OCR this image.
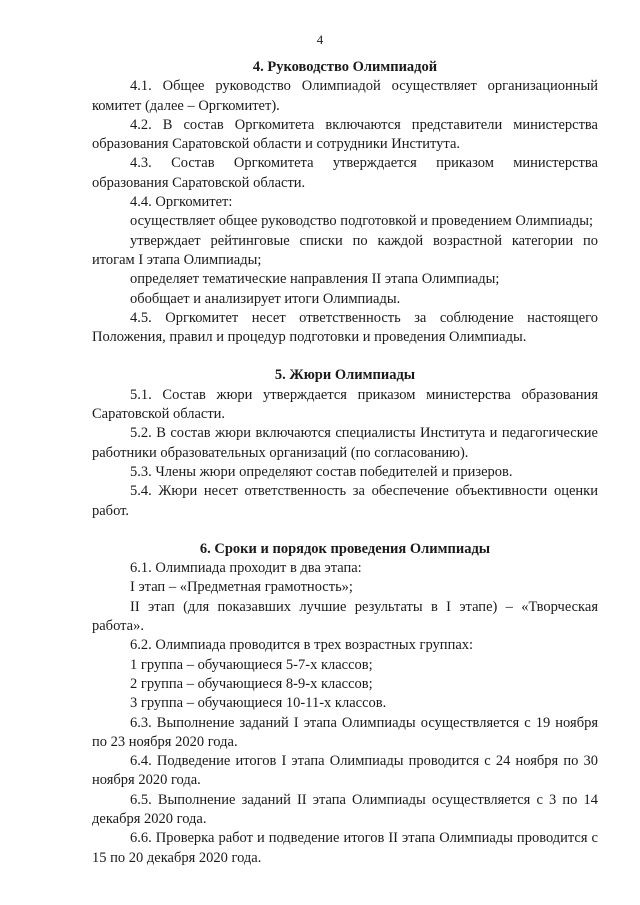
4

4. Руководство Олимпиадой

4.1. Общее руководство Олимпиадой осуществляет организационный комитет (далее – Оргкомитет).

4.2. В состав Оргкомитета включаются представители министерства образования Саратовской области и сотрудники Института.

4.3. Состав Оргкомитета утверждается приказом министерства образования Саратовской области.

4.4. Оргкомитет:

осуществляет общее руководство подготовкой и проведением Олимпиады;

утверждает рейтинговые списки по каждой возрастной категории по итогам I этапа Олимпиады;

определяет тематические направления II этапа Олимпиады;

обобщает и анализирует итоги Олимпиады.

4.5. Оргкомитет несет ответственность за соблюдение настоящего Положения, правил и процедур подготовки и проведения Олимпиады.

5. Жюри Олимпиады

5.1. Состав жюри утверждается приказом министерства образования Саратовской области.

5.2. В состав жюри включаются специалисты Института и педагогические работники образовательных организаций (по согласованию).

5.3. Члены жюри определяют состав победителей и призеров.

5.4. Жюри несет ответственность за обеспечение объективности оценки работ.

6. Сроки и порядок проведения Олимпиады

6.1. Олимпиада проходит в два этапа:

I этап – «Предметная грамотность»;

II этап (для показавших лучшие результаты в I этапе) – «Творческая работа».

6.2. Олимпиада проводится в трех возрастных группах:

1 группа – обучающиеся 5-7-х классов;

2 группа – обучающиеся 8-9-х классов;

3 группа – обучающиеся 10-11-х классов.

6.3. Выполнение заданий I этапа Олимпиады осуществляется с 19 ноября по 23 ноября 2020 года.

6.4. Подведение итогов I этапа Олимпиады проводится с 24 ноября по 30 ноября 2020 года.

6.5. Выполнение заданий II этапа Олимпиады осуществляется с 3 по 14 декабря 2020 года.

6.6. Проверка работ и подведение итогов II этапа Олимпиады проводится с 15 по 20 декабря 2020 года.
